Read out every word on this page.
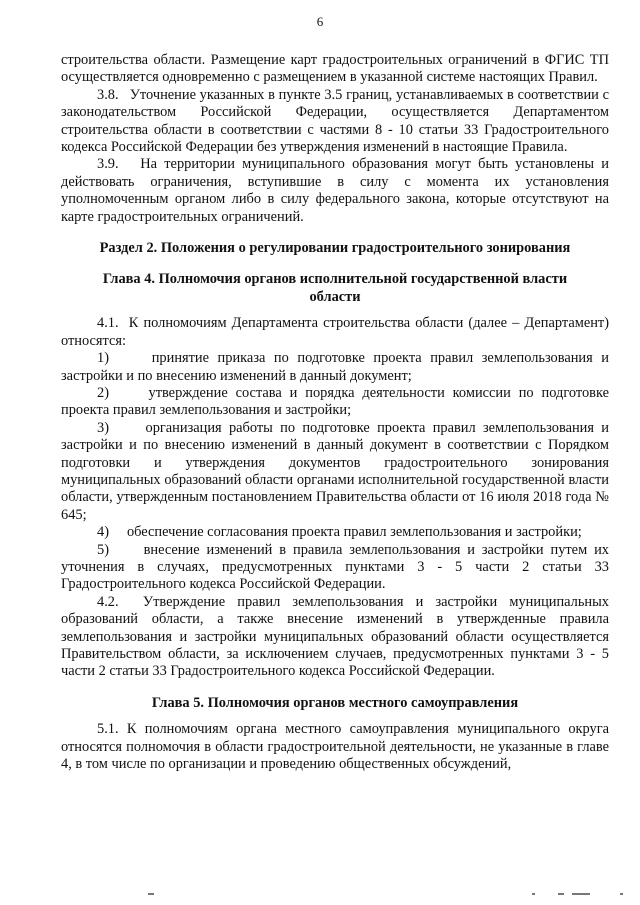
6

строительства области. Размещение карт градостроительных ограничений в ФГИС ТП осуществляется одновременно с размещением в указанной системе настоящих Правил.

3.8.   Уточнение указанных в пункте 3.5 границ, устанавливаемых в соответствии с законодательством Российской Федерации, осуществляется Департаментом строительства области в соответствии с частями 8 - 10 статьи 33 Градостроительного кодекса Российской Федерации без утверждения изменений в настоящие Правила.

3.9.   На территории муниципального образования могут быть установлены и действовать ограничения, вступившие в силу с момента их установления уполномоченным органом либо в силу федерального закона, которые отсутствуют на карте градостроительных ограничений.

Раздел 2. Положения о регулировании градостроительного зонирования

Глава 4. Полномочия органов исполнительной государственной власти области

4.1.  К полномочиям Департамента строительства области (далее – Департамент) относятся:

1)     принятие приказа по подготовке проекта правил землепользования и застройки и по внесению изменений в данный документ;

2)     утверждение состава и порядка деятельности комиссии по подготовке проекта правил землепользования и застройки;

3)     организация работы по подготовке проекта правил землепользования и застройки и по внесению изменений в данный документ в соответствии с Порядком подготовки и утверждения документов градостроительного зонирования муниципальных образований области органами исполнительной государственной власти области, утвержденным постановлением Правительства области от 16 июля 2018 года № 645;

4)     обеспечение согласования проекта правил землепользования и застройки;

5)     внесение изменений в правила землепользования и застройки путем их уточнения в случаях, предусмотренных пунктами 3 - 5 части 2 статьи 33 Градостроительного кодекса Российской Федерации.

4.2.  Утверждение правил землепользования и застройки муниципальных образований области, а также внесение изменений в утвержденные правила землепользования и застройки муниципальных образований области осуществляется Правительством области, за исключением случаев, предусмотренных пунктами 3 - 5 части 2 статьи 33 Градостроительного кодекса Российской Федерации.

Глава 5. Полномочия органов местного самоуправления

5.1. К полномочиям органа местного самоуправления муниципального округа относятся полномочия в области градостроительной деятельности, не указанные в главе 4, в том числе по организации и проведению общественных обсуждений,
